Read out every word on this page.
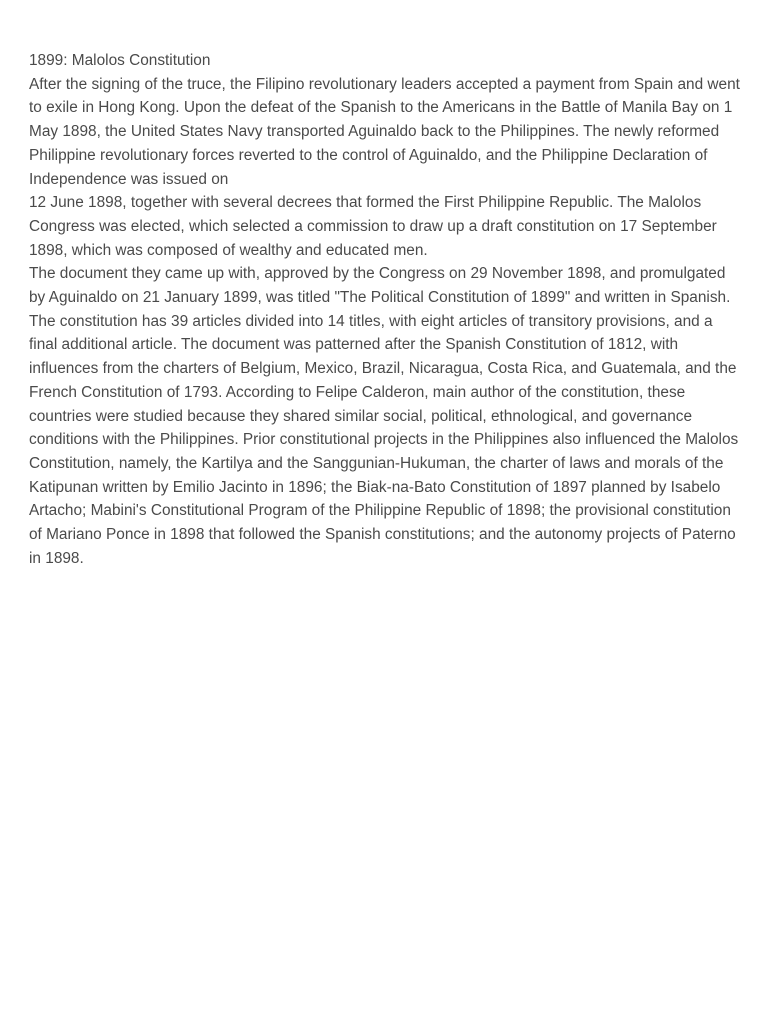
1899: Malolos Constitution

After the signing of the truce, the Filipino revolutionary leaders accepted a payment from Spain and went to exile in Hong Kong. Upon the defeat of the Spanish to the Americans in the Battle of Manila Bay on 1 May 1898, the United States Navy transported Aguinaldo back to the Philippines. The newly reformed Philippine revolutionary forces reverted to the control of Aguinaldo, and the Philippine Declaration of Independence was issued on

12 June 1898, together with several decrees that formed the First Philippine Republic. The Malolos Congress was elected, which selected a commission to draw up a draft constitution on 17 September 1898, which was composed of wealthy and educated men.

The document they came up with, approved by the Congress on 29 November 1898, and promulgated by Aguinaldo on 21 January 1899, was titled "The Political Constitution of 1899" and written in Spanish.

The constitution has 39 articles divided into 14 titles, with eight articles of transitory provisions, and a final additional article. The document was patterned after the Spanish Constitution of 1812, with influences from the charters of Belgium, Mexico, Brazil, Nicaragua, Costa Rica, and Guatemala, and the French Constitution of 1793. According to Felipe Calderon, main author of the constitution, these countries were studied because they shared similar social, political, ethnological, and governance conditions with the Philippines. Prior constitutional projects in the Philippines also influenced the Malolos Constitution, namely, the Kartilya and the Sanggunian-Hukuman, the charter of laws and morals of the Katipunan written by Emilio Jacinto in 1896; the Biak-na-Bato Constitution of 1897 planned by Isabelo Artacho; Mabini's Constitutional Program of the Philippine Republic of 1898; the provisional constitution of Mariano Ponce in 1898 that followed the Spanish constitutions; and the autonomy projects of Paterno in 1898.
